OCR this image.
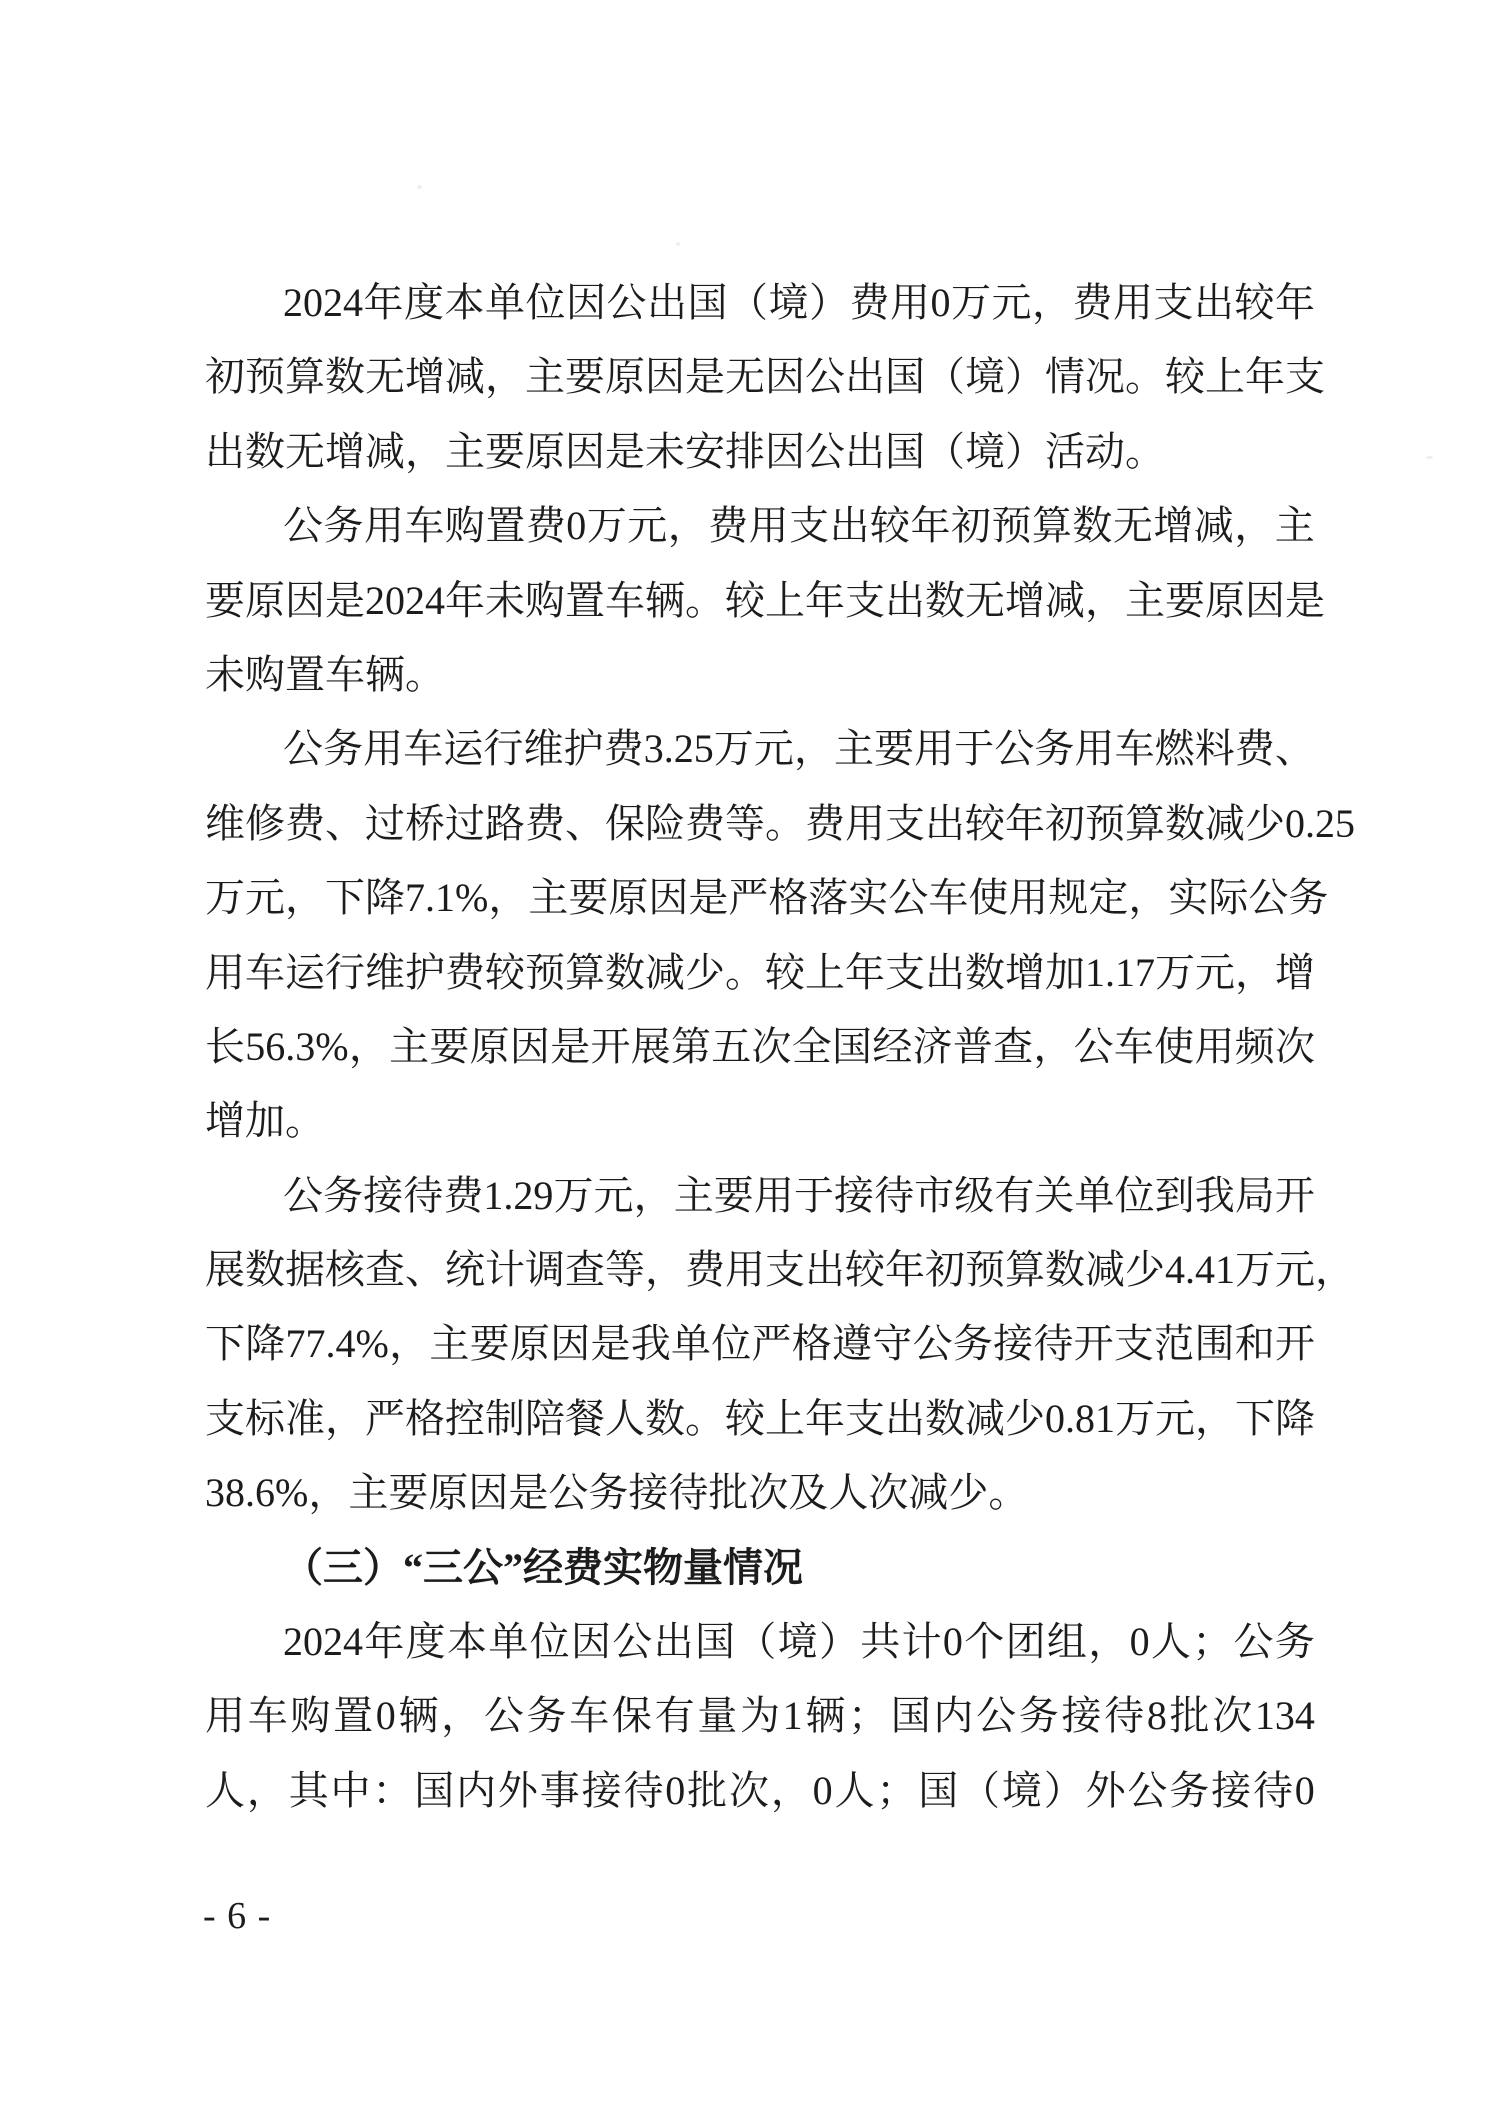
2024 年 度 本 单 位 因 公 出 国 （ 境 ） 费 用 0 万 元 ， 费 用 支 出 较 年
初 预 算 数 无 增 减 ， 主 要 原 因 是 无 因 公 出 国 （ 境 ） 情 况 。 较 上 年 支
出数无增减，主要原因是未安排因公出国（境）活动。
公 务 用 车 购 置 费 0 万 元 ， 费 用 支 出 较 年 初 预 算 数 无 增 减 ， 主
要 原 因 是 2024 年 未 购 置 车 辆 。 较 上 年 支 出 数 无 增 减 ， 主 要 原 因 是
未购置车辆。
公 务 用 车 运 行 维 护 费 3.25 万 元 ， 主 要 用 于 公 务 用 车 燃 料 费 、
维 修 费 、 过 桥 过 路 费 、 保 险 费 等 。 费 用 支 出 较 年 初 预 算 数 减 少 0.25
万 元 ， 下 降 7.1% ， 主 要 原 因 是 严 格 落 实 公 车 使 用 规 定 ， 实 际 公 务
用 车 运 行 维 护 费 较 预 算 数 减 少 。 较 上 年 支 出 数 增 加 1.17 万 元 ， 增
长 56.3% ， 主 要 原 因 是 开 展 第 五 次 全 国 经 济 普 查 ， 公 车 使 用 频 次
增加。
公 务 接 待 费 1.29 万 元 ， 主 要 用 于 接 待 市 级 有 关 单 位 到 我 局 开
展 数 据 核 查 、 统 计 调 查 等 ， 费 用 支 出 较 年 初 预 算 数 减 少 4.41 万 元 ，
下 降 77.4% ， 主 要 原 因 是 我 单 位 严 格 遵 守 公 务 接 待 开 支 范 围 和 开
支 标 准 ， 严 格 控 制 陪 餐 人 数 。 较 上 年 支 出 数 减 少 0.81 万 元 ， 下 降
38.6%，主要原因是公务接待批次及人次减少。
（三）“三公”经费实物量情况
2024 年 度 本 单 位 因 公 出 国 （ 境 ） 共 计 0 个 团 组 ， 0 人 ； 公 务
用 车 购 置 0 辆 ， 公 务 车 保 有 量 为 1 辆 ； 国 内 公 务 接 待 8 批 次 134
人 ， 其 中 ： 国 内 外 事 接 待 0 批 次 ， 0 人 ； 国 （ 境 ） 外 公 务 接 待 0
- 6 -
